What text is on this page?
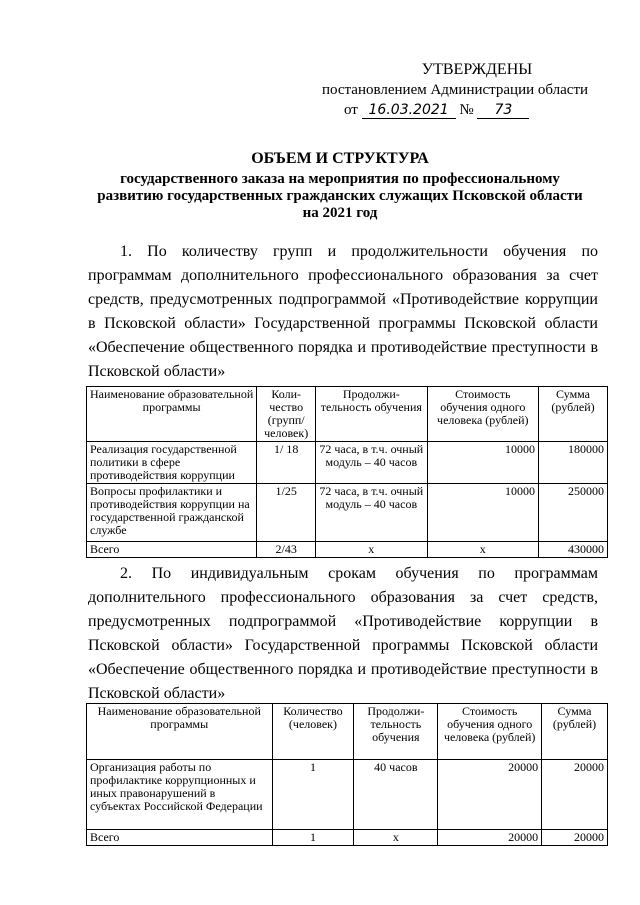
УТВЕРЖДЕНЫ
постановлением Администрации области
от 16.03.2021 № 73
ОБЪЕМ И СТРУКТУРА
государственного заказа на мероприятия по профессиональному
развитию государственных гражданских служащих Псковской области
на 2021 год
1. По количеству групп и продолжительности обучения по программам дополнительного профессионального образования за счет средств, предусмотренных подпрограммой «Противодействие коррупции в Псковской области» Государственной программы Псковской области «Обеспечение общественного порядка и противодействие преступности в Псковской области»
Наименование образовательной программы	Коли-чество (групп/ человек)	Продолжи-тельность обучения	Стоимость обучения одного человека (рублей)	Сумма (рублей)
Реализация государственной политики в сфере противодействия коррупции	1/ 18	72 часа, в т.ч. очный модуль – 40 часов	10000	180000
Вопросы профилактики и противодействия коррупции на государственной гражданской службе	1/25	72 часа, в т.ч. очный модуль – 40 часов	10000	250000
Всего	2/43	х	х	430000
2. По индивидуальным срокам обучения по программам дополнительного профессионального образования за счет средств, предусмотренных подпрограммой «Противодействие коррупции в Псковской области» Государственной программы Псковской области «Обеспечение общественного порядка и противодействие преступности в Псковской области»
Наименование образовательной программы	Количество (человек)	Продолжи-тельность обучения	Стоимость обучения одного человека (рублей)	Сумма (рублей)
Организация работы по профилактике коррупционных и иных правонарушений в субъектах Российской Федерации	1	40 часов	20000	20000
Всего	1	х	20000	20000
